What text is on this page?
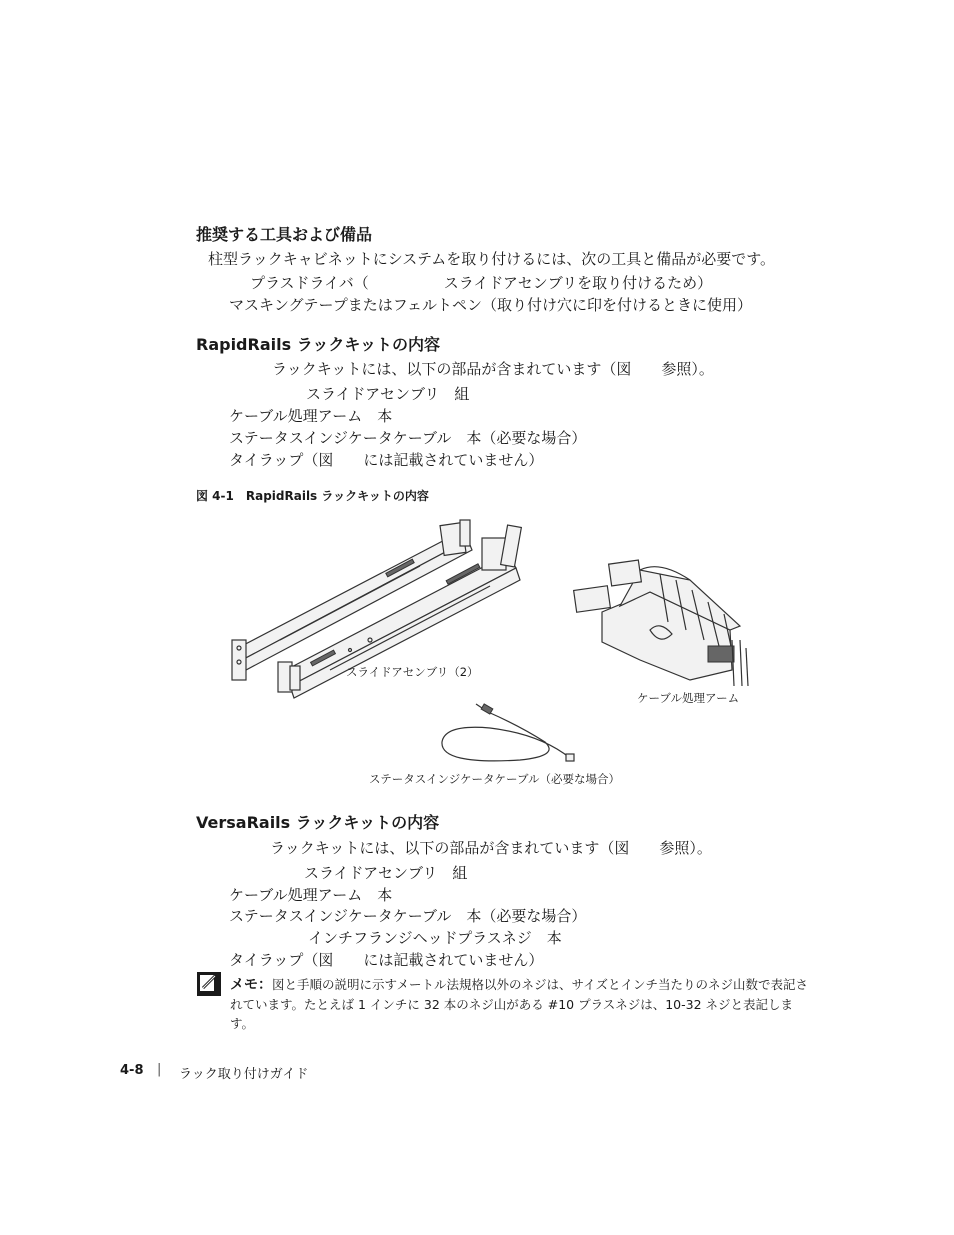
推奨する工具および備品
柱型ラックキャビネットにシステムを取り付けるには、次の工具と備品が必要です。
プラスドライバ（　　　　　スライドアセンブリを取り付けるため）
マスキングテープまたはフェルトペン（取り付け穴に印を付けるときに使用）
RapidRails ラックキットの内容
ラックキットには、以下の部品が含まれています（図　　参照）。
スライドアセンブリ　組
ケーブル処理アーム　本
ステータスインジケータケーブル　本（必要な場合）
タイラップ（図　　には記載されていません）
図 4-1　RapidRails ラックキットの内容
スライドアセンブリ（2）
ケーブル処理アーム
ステータスインジケータケーブル（必要な場合）
VersaRails ラックキットの内容
ラックキットには、以下の部品が含まれています（図　　参照）。
スライドアセンブリ　組
ケーブル処理アーム　本
ステータスインジケータケーブル　本（必要な場合）
インチフランジヘッドプラスネジ　本
タイラップ（図　　には記載されていません）
メモ：図と手順の説明に示すメートル法規格以外のネジは、サイズとインチ当たりのネジ山数で表記されています。たとえば 1 インチに 32 本のネジ山がある #10 プラスネジは、10-32 ネジと表記します。
4-8 | ラック取り付けガイド
